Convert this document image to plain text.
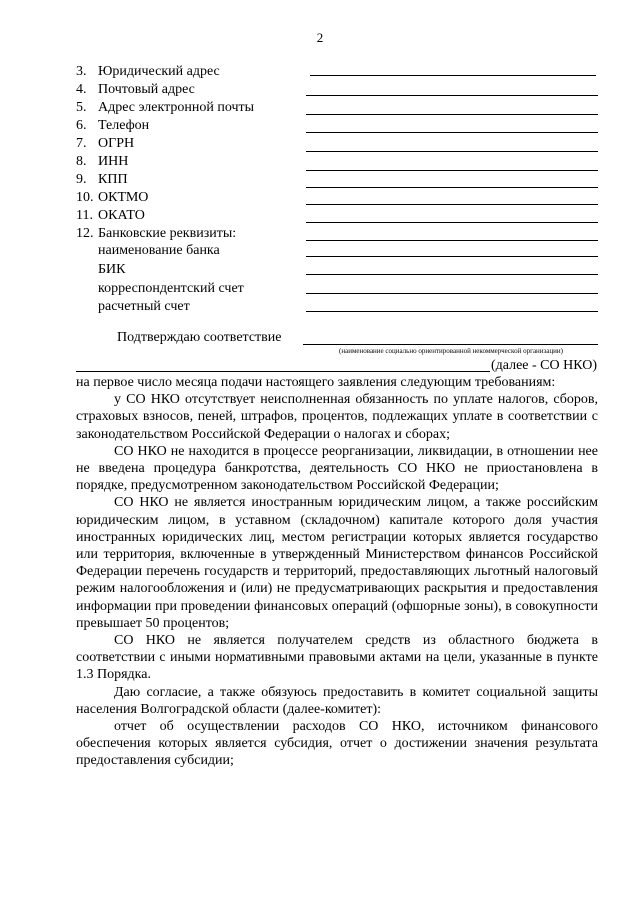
2
3. Юридический адрес
4. Почтовый адрес
5. Адрес электронной почты
6. Телефон
7. ОГРН
8. ИНН
9. КПП
10. ОКТМО
11. ОКАТО
12. Банковские реквизиты:
наименование банка
БИК
корреспондентский счет
расчетный счет
Подтверждаю соответствие
(наименование социально ориентированной некоммерческой организации)
(далее - СО НКО)

на первое число месяца подачи настоящего заявления следующим требованиям:

у СО НКО отсутствует неисполненная обязанность по уплате налогов, сборов, страховых взносов, пеней, штрафов, процентов, подлежащих уплате в соответствии с законодательством Российской Федерации о налогах и сборах;

СО НКО не находится в процессе реорганизации, ликвидации, в отношении нее не введена процедура банкротства, деятельность СО НКО не приостановлена в порядке, предусмотренном законодательством Российской Федерации;

СО НКО не является иностранным юридическим лицом, а также российским юридическим лицом, в уставном (складочном) капитале которого доля участия иностранных юридических лиц, местом регистрации которых является государство или территория, включенные в утвержденный Министерством финансов Российской Федерации перечень государств и территорий, предоставляющих льготный налоговый режим налогообложения и (или) не предусматривающих раскрытия и предоставления информации при проведении финансовых операций (офшорные зоны), в совокупности превышает 50 процентов;

СО НКО не является получателем средств из областного бюджета в соответствии с иными нормативными правовыми актами на цели, указанные в пункте 1.3 Порядка.

Даю согласие, а также обязуюсь предоставить в комитет социальной защиты населения Волгоградской области (далее-комитет):

отчет об осуществлении расходов СО НКО, источником финансового обеспечения которых является субсидия, отчет о достижении значения результата предоставления субсидии;
